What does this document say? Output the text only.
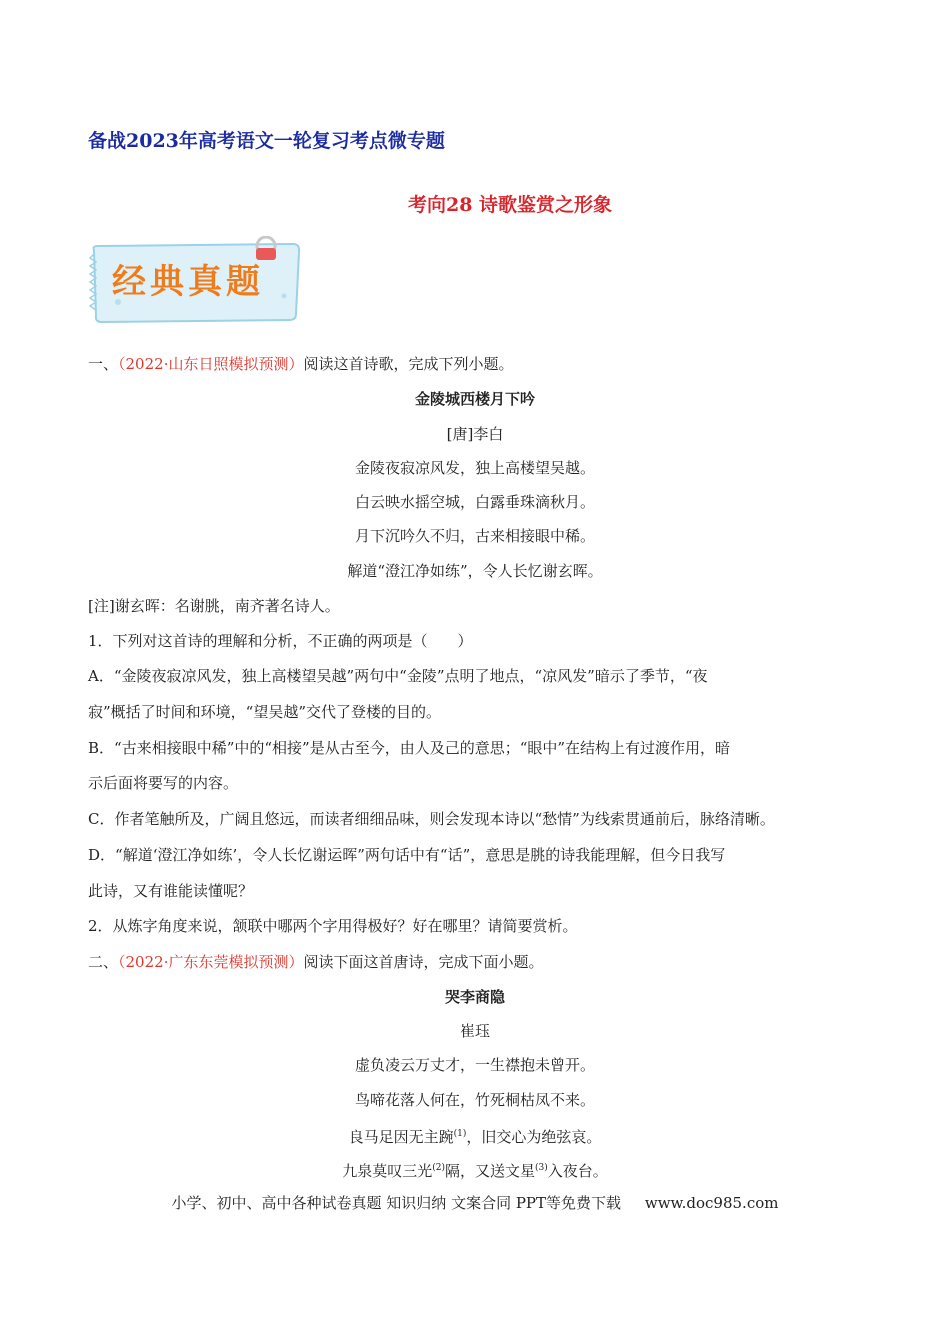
备战2023年高考语文一轮复习考点微专题
考向28 诗歌鉴赏之形象
经典真题
一、（2022·山东日照模拟预测）阅读这首诗歌，完成下列小题。
金陵城西楼月下吟
[唐]李白
金陵夜寂凉风发，独上高楼望吴越。
白云映水摇空城，白露垂珠滴秋月。
月下沉吟久不归，古来相接眼中稀。
解道“澄江净如练”，令人长忆谢玄晖。
[注]谢玄晖：名谢朓，南齐著名诗人。
1．下列对这首诗的理解和分析，不正确的两项是（　　）
A．“金陵夜寂凉风发，独上高楼望吴越”两句中“金陵”点明了地点，“凉风发”暗示了季节，“夜
寂”概括了时间和环境，“望吴越”交代了登楼的目的。
B．“古来相接眼中稀”中的“相接”是从古至今，由人及己的意思；“眼中”在结构上有过渡作用，暗
示后面将要写的内容。
C．作者笔触所及，广阔且悠远，而读者细细品味，则会发现本诗以“愁情”为线索贯通前后，脉络清晰。
D．“解道‘澄江净如练’，令人长忆谢运晖”两句话中有“话”，意思是朓的诗我能理解，但今日我写
此诗，又有谁能读懂呢？
2．从炼字角度来说，颔联中哪两个字用得极好？好在哪里？请简要赏析。
二、（2022·广东东莞模拟预测）阅读下面这首唐诗，完成下面小题。
哭李商隐
崔珏
虚负凌云万丈才，一生襟抱未曾开。
鸟啼花落人何在，竹死桐枯凤不来。
良马足因无主踠$^{(1)}$，旧交心为绝弦哀。
九泉莫叹三光$^{(2)}$隔，又送文星$^{(3)}$入夜台。
小学、初中、高中各种试卷真题 知识归纳 文案合同 PPT等免费下载 www.doc985.com
